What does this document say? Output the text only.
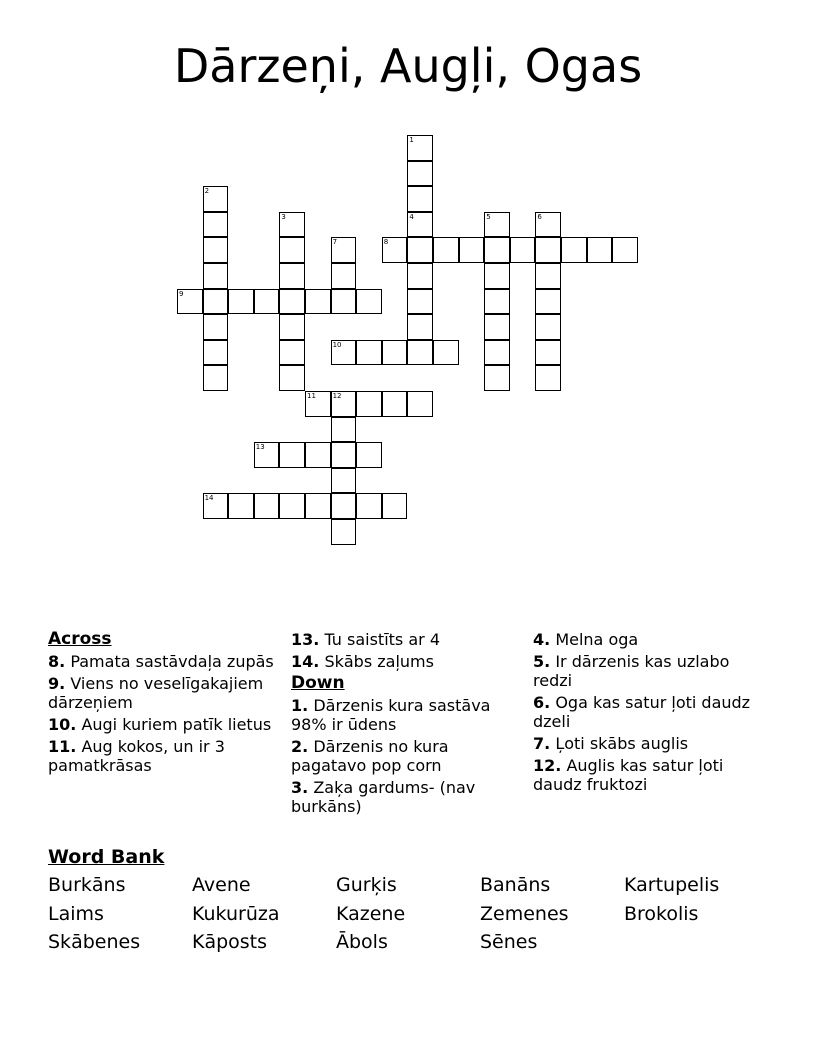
Dārzeņi, Augļi, Ogas
1
4
2
3	5	6
7	8
9
10
11 12
13
14
Across
8. Pamata sastāvdaļa zupās
9. Viens no veselīgakajiem dārzeņiem
10. Augi kuriem patīk lietus
11. Aug kokos, un ir 3 pamatkrāsas
13. Tu saistīts ar 4
14. Skābs zaļums
Down
1. Dārzenis kura sastāva 98% ir ūdens
2. Dārzenis no kura pagatavo pop corn
3. Zaķa gardums- (nav burkāns)
4. Melna oga
5. Ir dārzenis kas uzlabo redzi
6. Oga kas satur ļoti daudz dzeli
7. Ļoti skābs auglis
12. Auglis kas satur ļoti daudz fruktozi
Word Bank
Burkāns	Avene	Gurķis	Banāns	Kartupelis
Laims	Kukurūza	Kazene	Zemenes	Brokolis
Skābenes	Kāposts	Ābols	Sēnes
